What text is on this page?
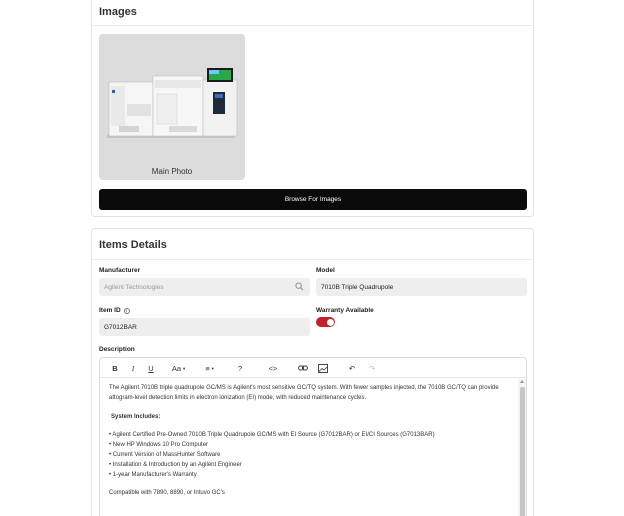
Images
Main Photo
Browse For Images
Items Details
Manufacturer
Agilent Technologies
Model
7010B Triple Quadrupole
Item ID	i
G7012BAR
Warranty Available
Description
B	I	U	Aa ▼	≡ ▼	?	<>	↶ ↷

The Agilent 7010B triple quadrupole GC/MS is Agilent's most sensitive GC/TQ system. With fewer samples injected, the 7010B GC/TQ can provide attogram-level detection limits in electron ionization (EI) mode, with reduced maintenance cycles.

System Includes:

• Agilent Certified Pre-Owned 7010B Triple Quadrupole GC/MS with EI Source (G7012BAR) or EI/CI Sources (G7013BAR)

• New HP Windows 10 Pro Computer

• Current Version of MassHunter Software

• Installation & Introduction by an Agilent Engineer

• 1-year Manufacturer's Warranty

Compatible with 7890, 8890, or Intuvo GC's
